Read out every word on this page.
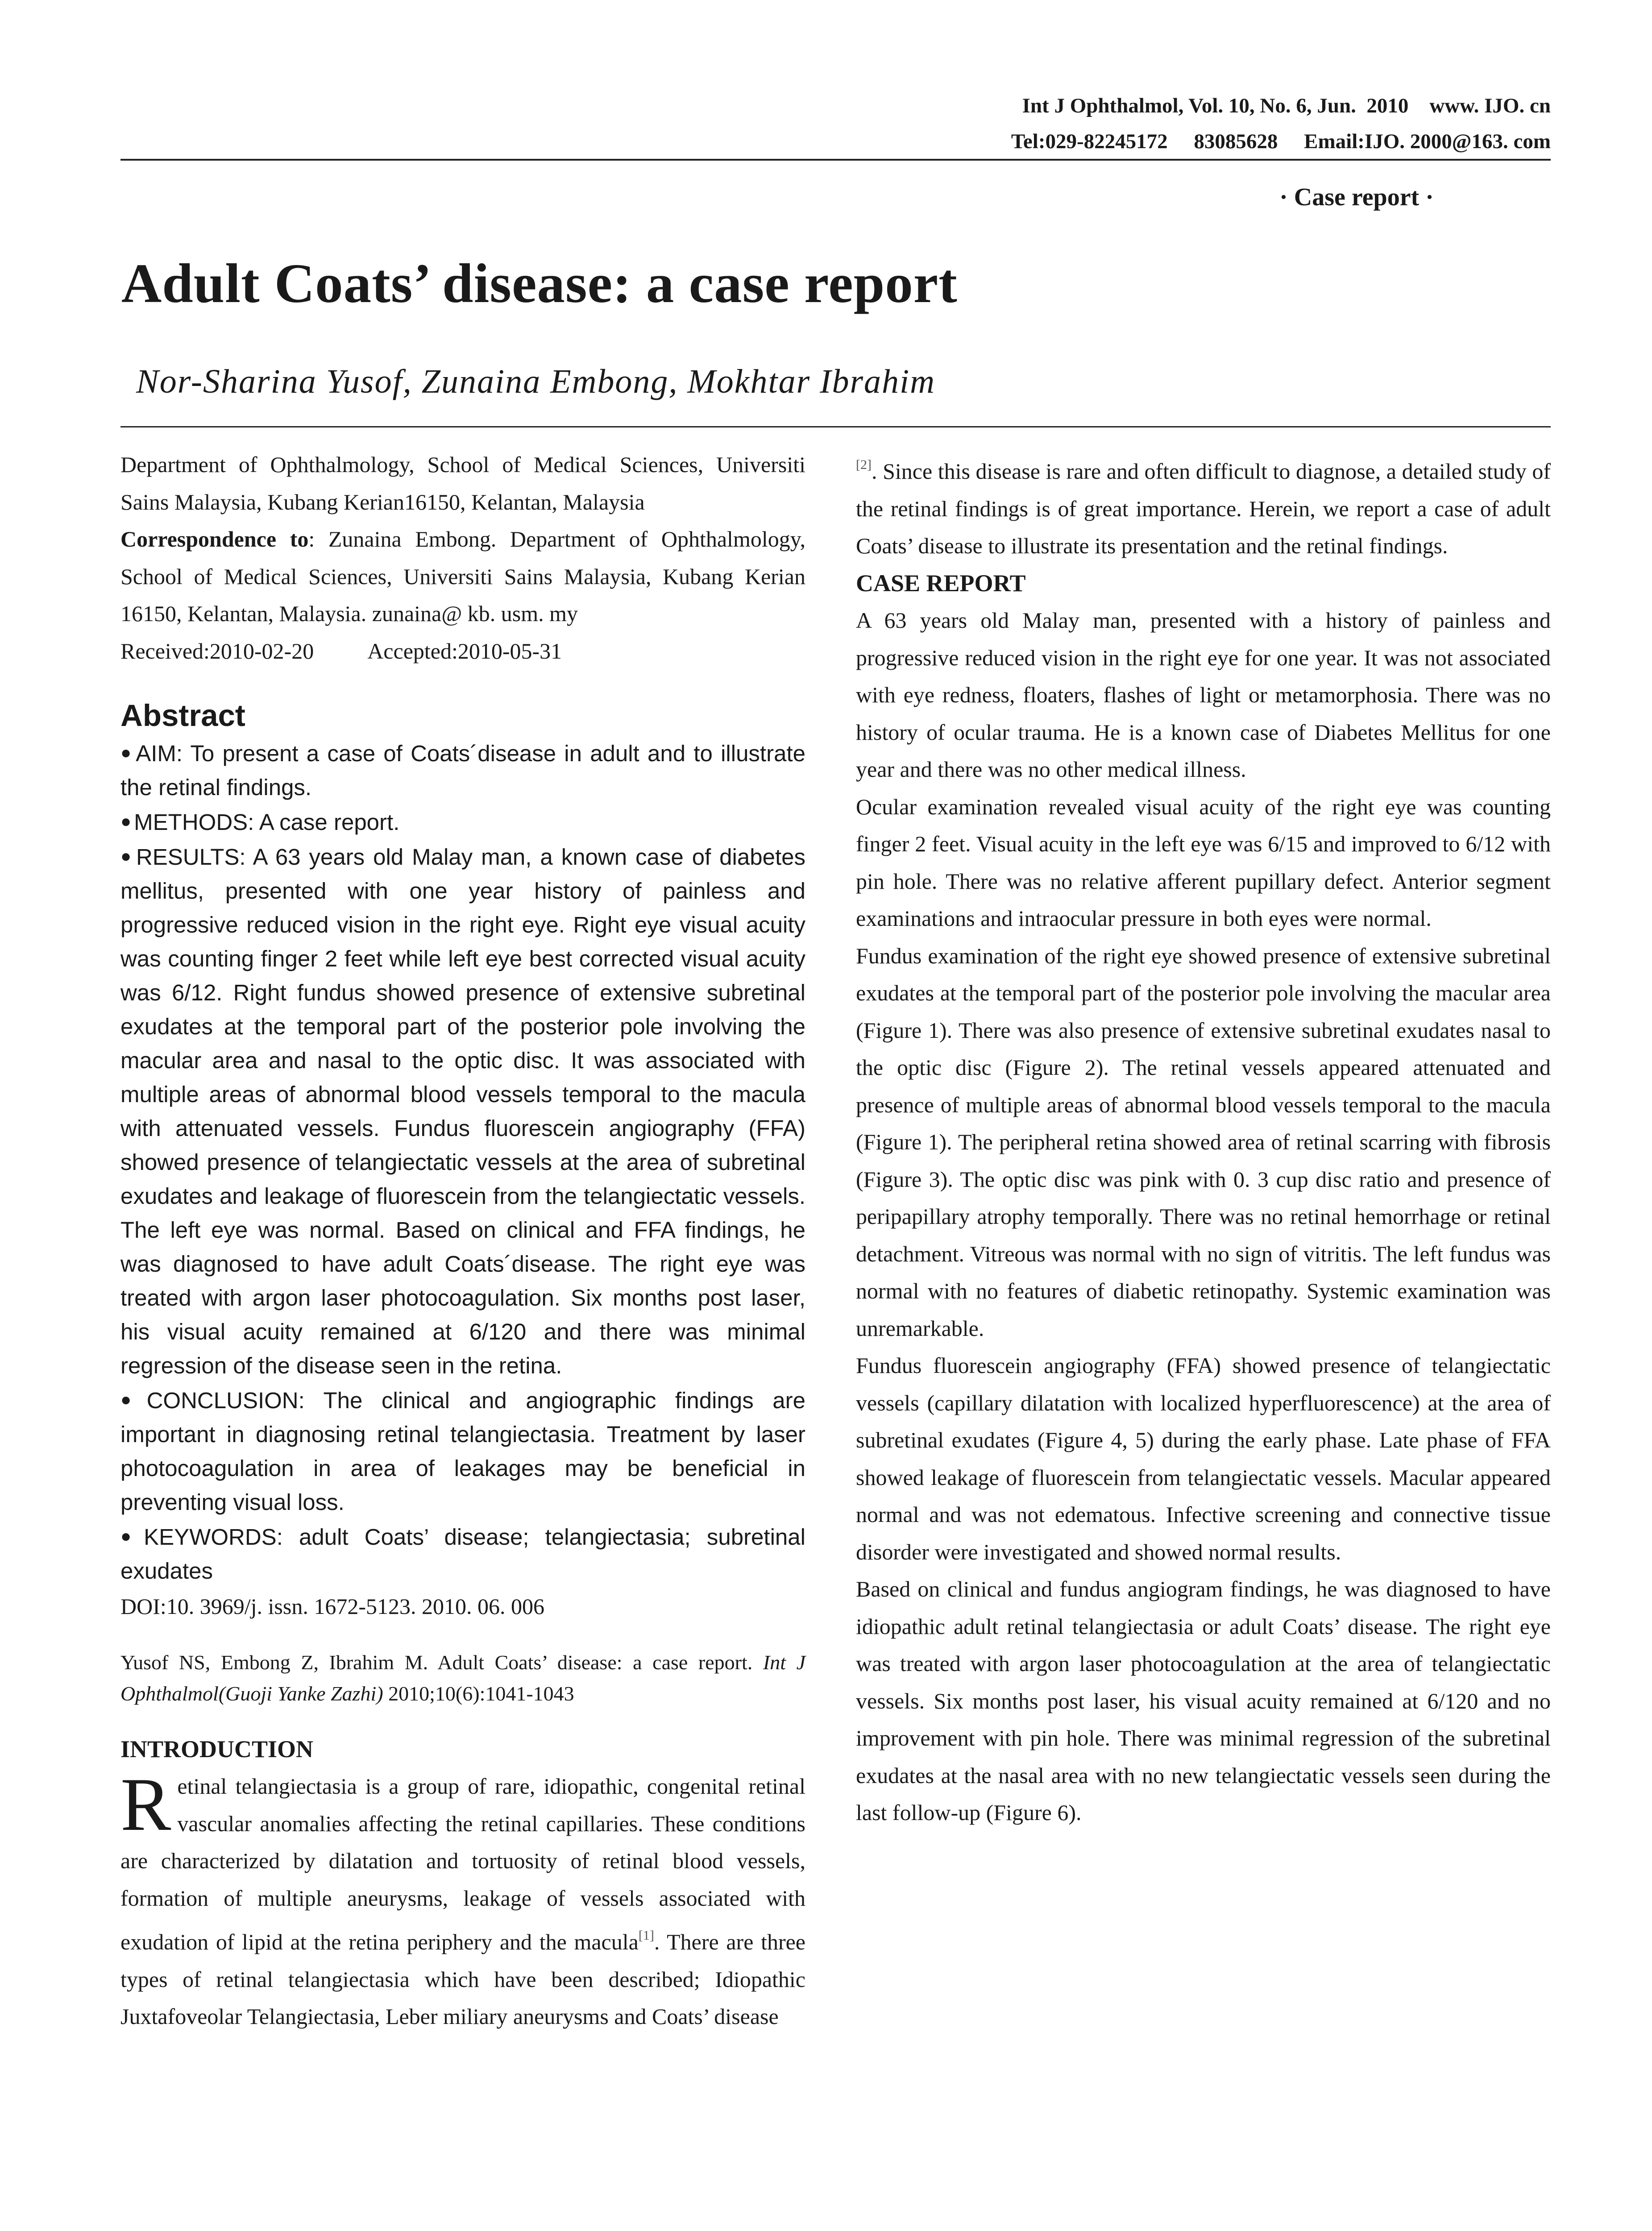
Int J Ophthalmol, Vol. 10, No. 6, Jun.  2010    www. IJO. cn
Tel:029-82245172     83085628     Email:IJO. 2000@163. com
· Case report ·
Adult Coats’ disease: a case report
Nor-Sharina Yusof, Zunaina Embong, Mokhtar Ibrahim

Department of Ophthalmology, School of Medical Sciences, Universiti Sains Malaysia, Kubang Kerian16150, Kelantan, Malaysia

Correspondence to: Zunaina Embong. Department of Ophthalmology, School of Medical Sciences, Universiti Sains Malaysia, Kubang Kerian 16150, Kelantan, Malaysia. zunaina@ kb. usm. my

Received:2010-02-20 Accepted:2010-05-31

Abstract

● AIM: To present a case of Coats´disease in adult and to illustrate the retinal findings.

● METHODS: A case report.

● RESULTS: A 63 years old Malay man, a known case of diabetes mellitus, presented with one year history of painless and progressive reduced vision in the right eye. Right eye visual acuity was counting finger 2 feet while left eye best corrected visual acuity was 6/12. Right fundus showed presence of extensive subretinal exudates at the temporal part of the posterior pole involving the macular area and nasal to the optic disc. It was associated with multiple areas of abnormal blood vessels temporal to the macula with attenuated vessels. Fundus fluorescein angiography (FFA) showed presence of telangiectatic vessels at the area of subretinal exudates and leakage of fluorescein from the telangiectatic vessels. The left eye was normal. Based on clinical and FFA findings, he was diagnosed to have adult Coats´disease. The right eye was treated with argon laser photocoagulation. Six months post laser, his visual acuity remained at 6/120 and there was minimal regression of the disease seen in the retina.

● CONCLUSION: The clinical and angiographic findings are important in diagnosing retinal telangiectasia. Treatment by laser photocoagulation in area of leakages may be beneficial in preventing visual loss.

● KEYWORDS: adult Coats’ disease; telangiectasia; subretinal exudates

DOI:10. 3969/j. issn. 1672-5123. 2010. 06. 006

Yusof NS, Embong Z, Ibrahim M. Adult Coats’ disease: a case report. Int J Ophthalmol(Guoji Yanke Zazhi) 2010;10(6):1041-1043

INTRODUCTION

Retinal telangiectasia is a group of rare, idiopathic, congenital retinal vascular anomalies affecting the retinal capillaries. These conditions are characterized by dilatation and tortuosity of retinal blood vessels, formation of multiple aneurysms, leakage of vessels associated with exudation of lipid at the retina periphery and the macula[1]. There are three types of retinal telangiectasia which have been described; Idiopathic Juxtafoveolar Telangiectasia, Leber miliary aneurysms and Coats’ disease

[2]. Since this disease is rare and often difficult to diagnose, a detailed study of the retinal findings is of great importance. Herein, we report a case of adult Coats’ disease to illustrate its presentation and the retinal findings.

CASE REPORT

A 63 years old Malay man, presented with a history of painless and progressive reduced vision in the right eye for one year. It was not associated with eye redness, floaters, flashes of light or metamorphosia. There was no history of ocular trauma. He is a known case of Diabetes Mellitus for one year and there was no other medical illness.

Ocular examination revealed visual acuity of the right eye was counting finger 2 feet. Visual acuity in the left eye was 6/15 and improved to 6/12 with pin hole. There was no relative afferent pupillary defect. Anterior segment examinations and intraocular pressure in both eyes were normal.

Fundus examination of the right eye showed presence of extensive subretinal exudates at the temporal part of the posterior pole involving the macular area (Figure 1). There was also presence of extensive subretinal exudates nasal to the optic disc (Figure 2). The retinal vessels appeared attenuated and presence of multiple areas of abnormal blood vessels temporal to the macula (Figure 1). The peripheral retina showed area of retinal scarring with fibrosis (Figure 3). The optic disc was pink with 0. 3 cup disc ratio and presence of peripapillary atrophy temporally. There was no retinal hemorrhage or retinal detachment. Vitreous was normal with no sign of vitritis. The left fundus was normal with no features of diabetic retinopathy. Systemic examination was unremarkable.

Fundus fluorescein angiography (FFA) showed presence of telangiectatic vessels (capillary dilatation with localized hyperfluorescence) at the area of subretinal exudates (Figure 4, 5) during the early phase. Late phase of FFA showed leakage of fluorescein from telangiectatic vessels. Macular appeared normal and was not edematous. Infective screening and connective tissue disorder were investigated and showed normal results.

Based on clinical and fundus angiogram findings, he was diagnosed to have idiopathic adult retinal telangiectasia or adult Coats’ disease. The right eye was treated with argon laser photocoagulation at the area of telangiectatic vessels. Six months post laser, his visual acuity remained at 6/120 and no improvement with pin hole. There was minimal regression of the subretinal exudates at the nasal area with no new telangiectatic vessels seen during the last follow-up (Figure 6).
